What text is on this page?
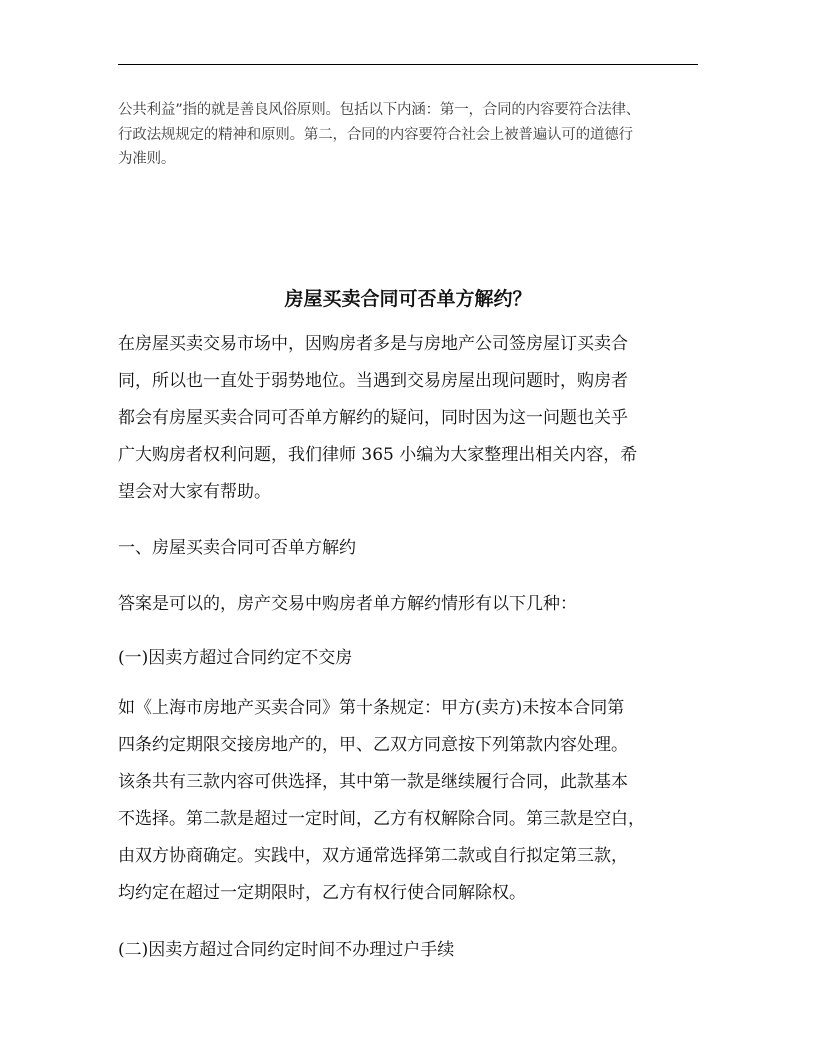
公共利益”指的就是善良风俗原则。包括以下内涵：第一，合同的内容要符合法律、
行政法规规定的精神和原则。第二，合同的内容要符合社会上被普遍认可的道德行
为准则。
房屋买卖合同可否单方解约？
在房屋买卖交易市场中，因购房者多是与房地产公司签房屋订买卖合
同，所以也一直处于弱势地位。当遇到交易房屋出现问题时，购房者
都会有房屋买卖合同可否单方解约的疑问，同时因为这一问题也关乎
广大购房者权利问题，我们律师 365 小编为大家整理出相关内容，希
望会对大家有帮助。
一、房屋买卖合同可否单方解约
答案是可以的，房产交易中购房者单方解约情形有以下几种：
(一)因卖方超过合同约定不交房
如《上海市房地产买卖合同》第十条规定：甲方(卖方)未按本合同第
四条约定期限交接房地产的，甲、乙双方同意按下列第款内容处理。
该条共有三款内容可供选择，其中第一款是继续履行合同，此款基本
不选择。第二款是超过一定时间，乙方有权解除合同。第三款是空白，
由双方协商确定。实践中，双方通常选择第二款或自行拟定第三款，
均约定在超过一定期限时，乙方有权行使合同解除权。
(二)因卖方超过合同约定时间不办理过户手续
